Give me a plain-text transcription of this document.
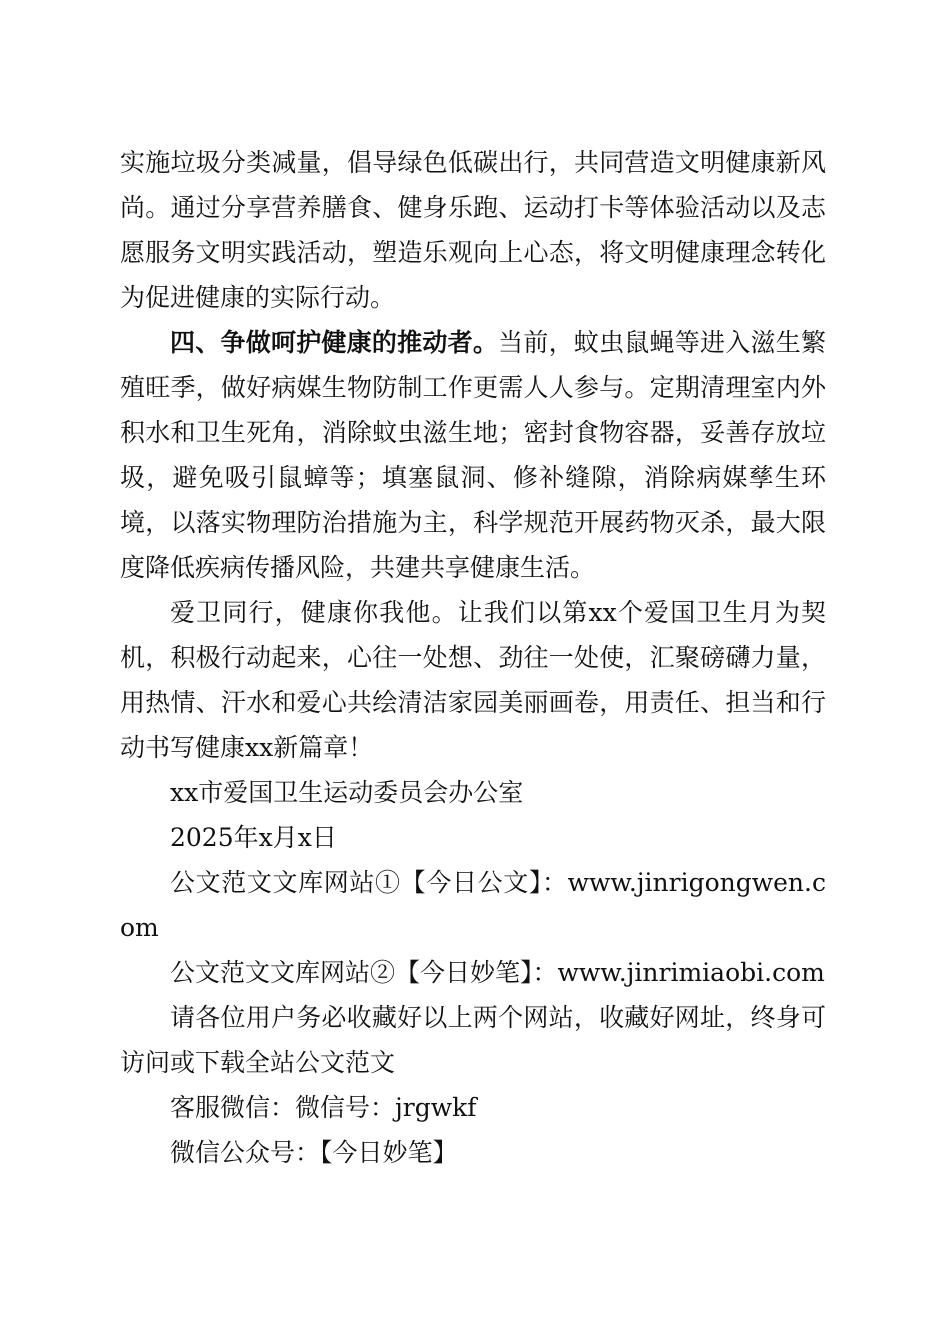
实施垃圾分类减量，倡导绿色低碳出行，共同营造文明健康新风尚。通过分享营养膳食、健身乐跑、运动打卡等体验活动以及志愿服务文明实践活动，塑造乐观向上心态，将文明健康理念转化为促进健康的实际行动。

四、争做呵护健康的推动者。当前，蚊虫鼠蝇等进入滋生繁殖旺季，做好病媒生物防制工作更需人人参与。定期清理室内外积水和卫生死角，消除蚊虫滋生地；密封食物容器，妥善存放垃圾，避免吸引鼠蟑等；填塞鼠洞、修补缝隙，消除病媒孳生环境，以落实物理防治措施为主，科学规范开展药物灭杀，最大限度降低疾病传播风险，共建共享健康生活。

爱卫同行，健康你我他。让我们以第xx个爱国卫生月为契机，积极行动起来，心往一处想、劲往一处使，汇聚磅礴力量，用热情、汗水和爱心共绘清洁家园美丽画卷，用责任、担当和行动书写健康xx新篇章！

xx市爱国卫生运动委员会办公室

2025年x月x日

公文范文文库网站①【今日公文】：www.jinrigongwen.com

公文范文文库网站②【今日妙笔】：www.jinrimiaobi.com

请各位用户务必收藏好以上两个网站，收藏好网址，终身可访问或下载全站公文范文

客服微信：微信号：jrgwkf

微信公众号：【今日妙笔】
